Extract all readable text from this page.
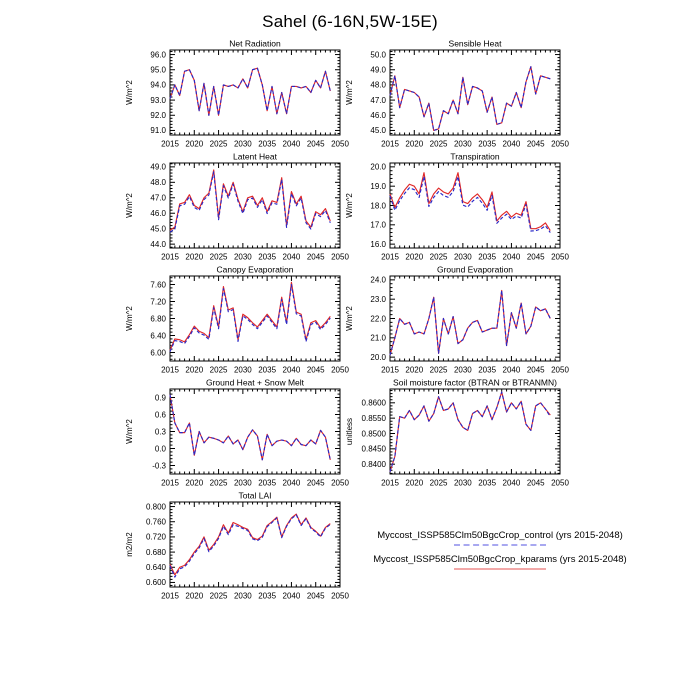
Sahel (6-16N,5W-15E)
2015 2020 2025 2030 2035 2040 2045 2050
91.0
92.0
93.0
94.0
95.0
96.0
Net Radiation
W/m^2
2015 2020 2025 2030 2035 2040 2045 2050
45.0
46.0
47.0
48.0
49.0
50.0
Sensible Heat
W/m^2
2015 2020 2025 2030 2035 2040 2045 2050
44.0
45.0
46.0
47.0
48.0
49.0
Latent Heat
W/m^2
2015 2020 2025 2030 2035 2040 2045 2050
16.0
17.0
18.0
19.0
20.0
Transpiration
W/m^2
2015 2020 2025 2030 2035 2040 2045 2050
6.00
6.40
6.80
7.20
7.60
Canopy Evaporation
W/m^2
2015 2020 2025 2030 2035 2040 2045 2050
20.0
21.0
22.0
23.0
24.0
Ground Evaporation
W/m^2
2015 2020 2025 2030 2035 2040 2045 2050
-0.3
0.0
0.3
0.6
0.9
Ground Heat + Snow Melt
W/m^2
2015 2020 2025 2030 2035 2040 2045 2050
0.8400
0.8450
0.8500
0.8550
0.8600
Soil moisture factor (BTRAN or BTRANMN)
unitless
2015 2020 2025 2030 2035 2040 2045 2050
0.600
0.640
0.680
0.720
0.760
0.800
Total LAI
m2/m2	Myccost_ISSP585Clm50BgcCrop_control (yrs 2015-2048)
Myccost_ISSP585Clm50BgcCrop_kparams (yrs 2015-2048)
